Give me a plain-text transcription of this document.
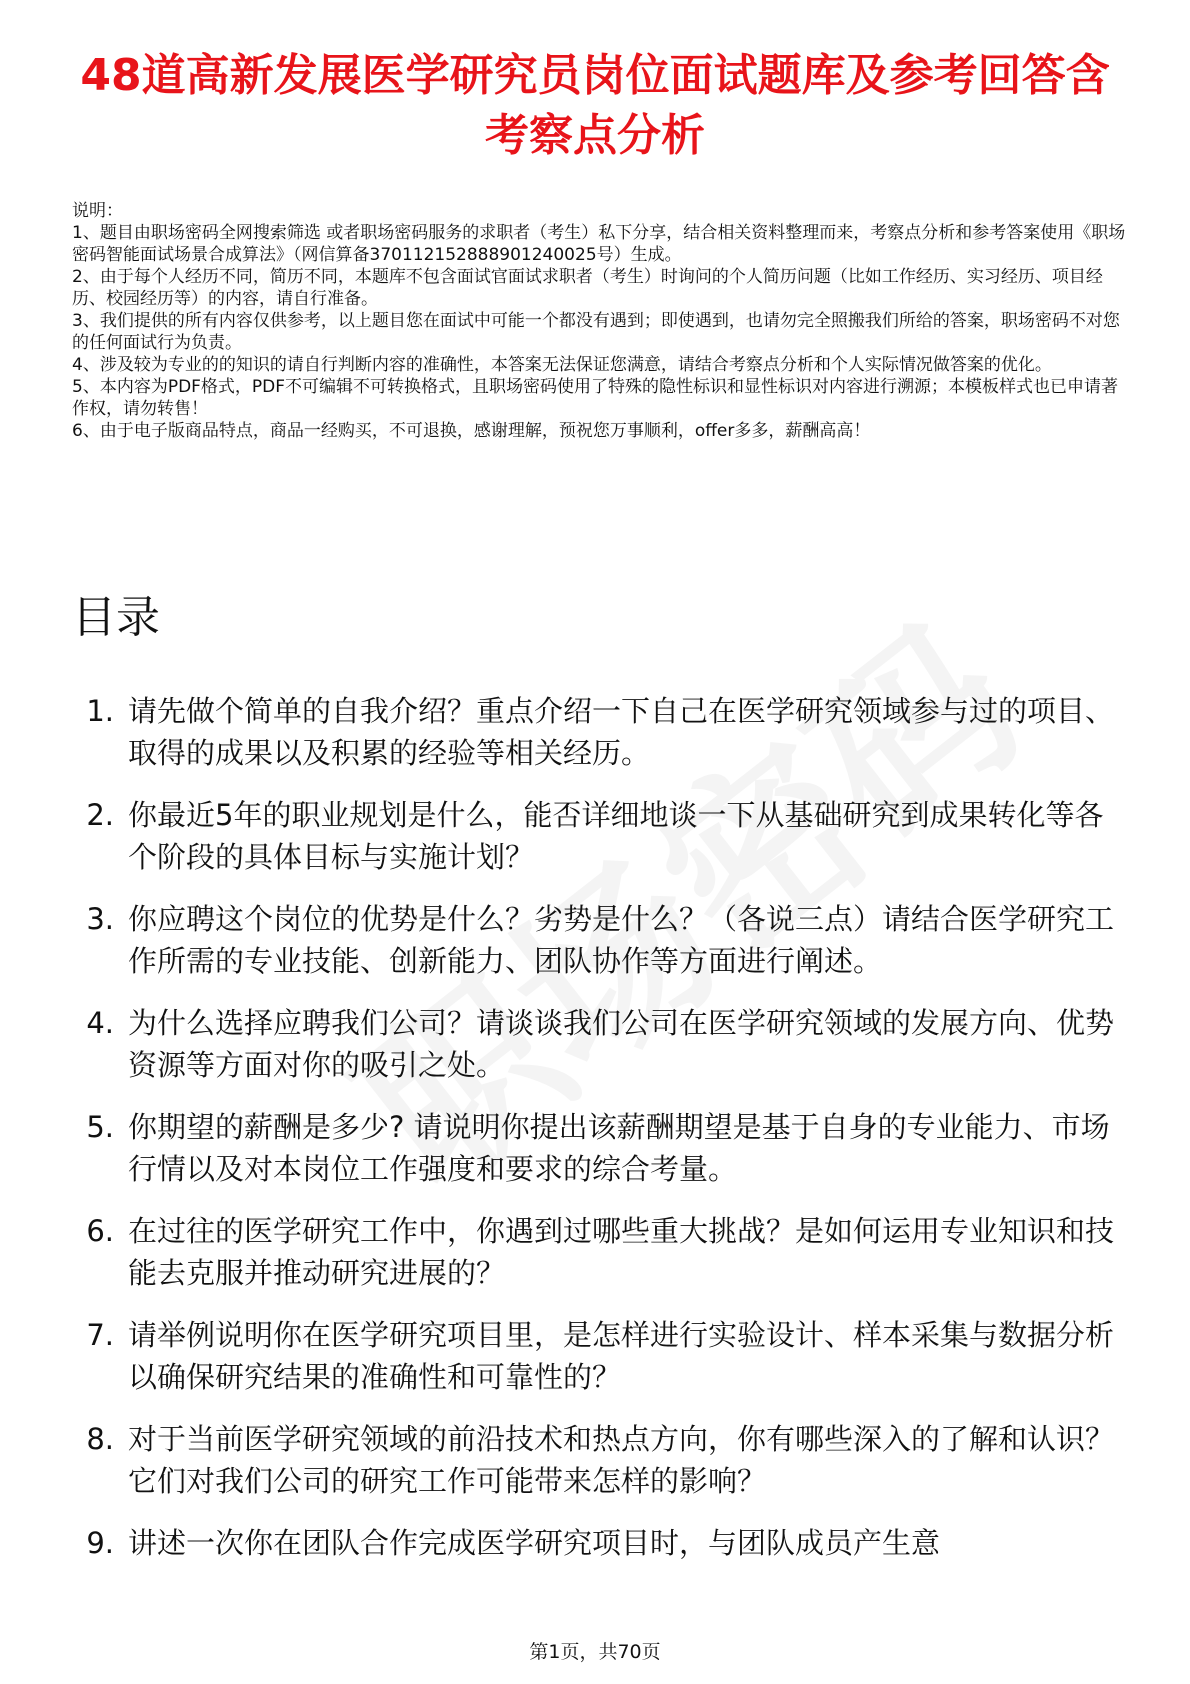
48道高新发展医学研究员岗位面试题库及参考回答含考察点分析

说明：

1、题目由职场密码全网搜索筛选 或者职场密码服务的求职者（考生）私下分享，结合相关资料整理而来，考察点分析和参考答案使用《职场密码智能面试场景合成算法》（网信算备370112152888901240025号）生成。

2、由于每个人经历不同，简历不同，本题库不包含面试官面试求职者（考生）时询问的个人简历问题（比如工作经历、实习经历、项目经历、校园经历等）的内容，请自行准备。

3、我们提供的所有内容仅供参考，以上题目您在面试中可能一个都没有遇到；即使遇到，也请勿完全照搬我们所给的答案，职场密码不对您的任何面试行为负责。

4、涉及较为专业的的知识的请自行判断内容的准确性，本答案无法保证您满意，请结合考察点分析和个人实际情况做答案的优化。

5、本内容为PDF格式，PDF不可编辑不可转换格式，且职场密码使用了特殊的隐性标识和显性标识对内容进行溯源；本模板样式也已申请著作权，请勿转售！

6、由于电子版商品特点，商品一经购买，不可退换，感谢理解，预祝您万事顺利，offer多多，薪酬高高！

目录
1. 请先做个简单的自我介绍？重点介绍一下自己在医学研究领域参与过的项目、取得的成果以及积累的经验等相关经历。
2. 你最近5年的职业规划是什么，能否详细地谈一下从基础研究到成果转化等各个阶段的具体目标与实施计划？
3. 你应聘这个岗位的优势是什么？劣势是什么？（各说三点）请结合医学研究工作所需的专业技能、创新能力、团队协作等方面进行阐述。
4. 为什么选择应聘我们公司？请谈谈我们公司在医学研究领域的发展方向、优势资源等方面对你的吸引之处。
5. 你期望的薪酬是多少? 请说明你提出该薪酬期望是基于自身的专业能力、市场行情以及对本岗位工作强度和要求的综合考量。
6. 在过往的医学研究工作中，你遇到过哪些重大挑战？是如何运用专业知识和技能去克服并推动研究进展的？
7. 请举例说明你在医学研究项目里，是怎样进行实验设计、样本采集与数据分析以确保研究结果的准确性和可靠性的？
8. 对于当前医学研究领域的前沿技术和热点方向，你有哪些深入的了解和认识？它们对我们公司的研究工作可能带来怎样的影响？
9. 讲述一次你在团队合作完成医学研究项目时，与团队成员产生意
第1页，共70页
